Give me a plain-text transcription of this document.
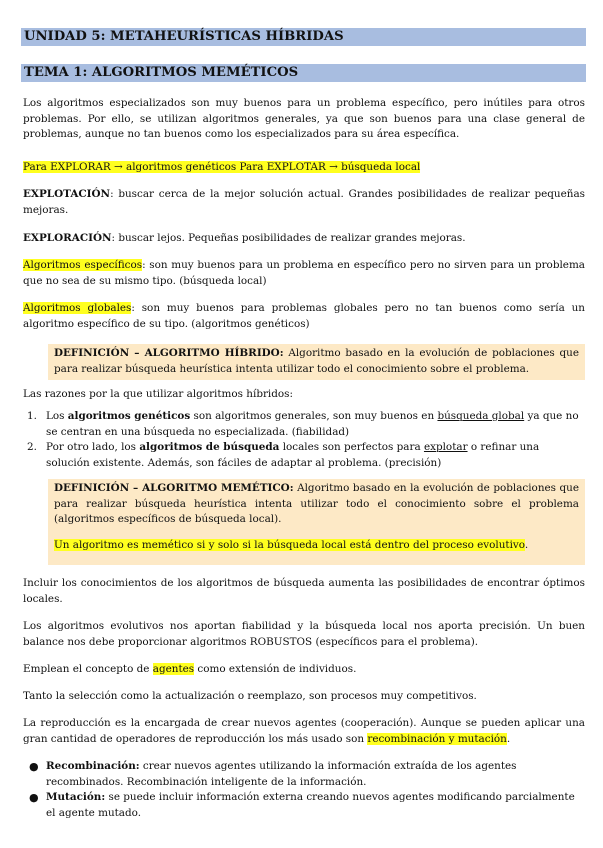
UNIDAD 5: METAHEURÍSTICAS HÍBRIDAS
TEMA 1: ALGORITMOS MEMÉTICOS
Los algoritmos especializados son muy buenos para un problema específico, pero inútiles para otros problemas. Por ello, se utilizan algoritmos generales, ya que son buenos para una clase general de problemas, aunque no tan buenos como los especializados para su área específica.
Para EXPLORAR → algoritmos genéticos Para EXPLOTAR → búsqueda local
EXPLOTACIÓN: buscar cerca de la mejor solución actual. Grandes posibilidades de realizar pequeñas mejoras.
EXPLORACIÓN: buscar lejos. Pequeñas posibilidades de realizar grandes mejoras.
Algoritmos específicos: son muy buenos para un problema en específico pero no sirven para un problema que no sea de su mismo tipo. (búsqueda local)
Algoritmos globales: son muy buenos para problemas globales pero no tan buenos como sería un algoritmo específico de su tipo. (algoritmos genéticos)
DEFINICIÓN – ALGORITMO HÍBRIDO: Algoritmo basado en la evolución de poblaciones que para realizar búsqueda heurística intenta utilizar todo el conocimiento sobre el problema.
Las razones por la que utilizar algoritmos híbridos:
1. Los algoritmos genéticos son algoritmos generales, son muy buenos en búsqueda global ya que no se centran en una búsqueda no especializada. (fiabilidad)
2. Por otro lado, los algoritmos de búsqueda locales son perfectos para explotar o refinar una solución existente. Además, son fáciles de adaptar al problema. (precisión)
DEFINICIÓN – ALGORITMO MEMÉTICO: Algoritmo basado en la evolución de poblaciones que para realizar búsqueda heurística intenta utilizar todo el conocimiento sobre el problema (algoritmos específicos de búsqueda local).
Un algoritmo es memético si y solo si la búsqueda local está dentro del proceso evolutivo.
Incluir los conocimientos de los algoritmos de búsqueda aumenta las posibilidades de encontrar óptimos locales.
Los algoritmos evolutivos nos aportan fiabilidad y la búsqueda local nos aporta precisión. Un buen balance nos debe proporcionar algoritmos ROBUSTOS (específicos para el problema).
Emplean el concepto de agentes como extensión de individuos.
Tanto la selección como la actualización o reemplazo, son procesos muy competitivos.
La reproducción es la encargada de crear nuevos agentes (cooperación). Aunque se pueden aplicar una gran cantidad de operadores de reproducción los más usado son recombinación y mutación.
● Recombinación: crear nuevos agentes utilizando la información extraída de los agentes recombinados. Recombinación inteligente de la información.
● Mutación: se puede incluir información externa creando nuevos agentes modificando parcialmente el agente mutado.
